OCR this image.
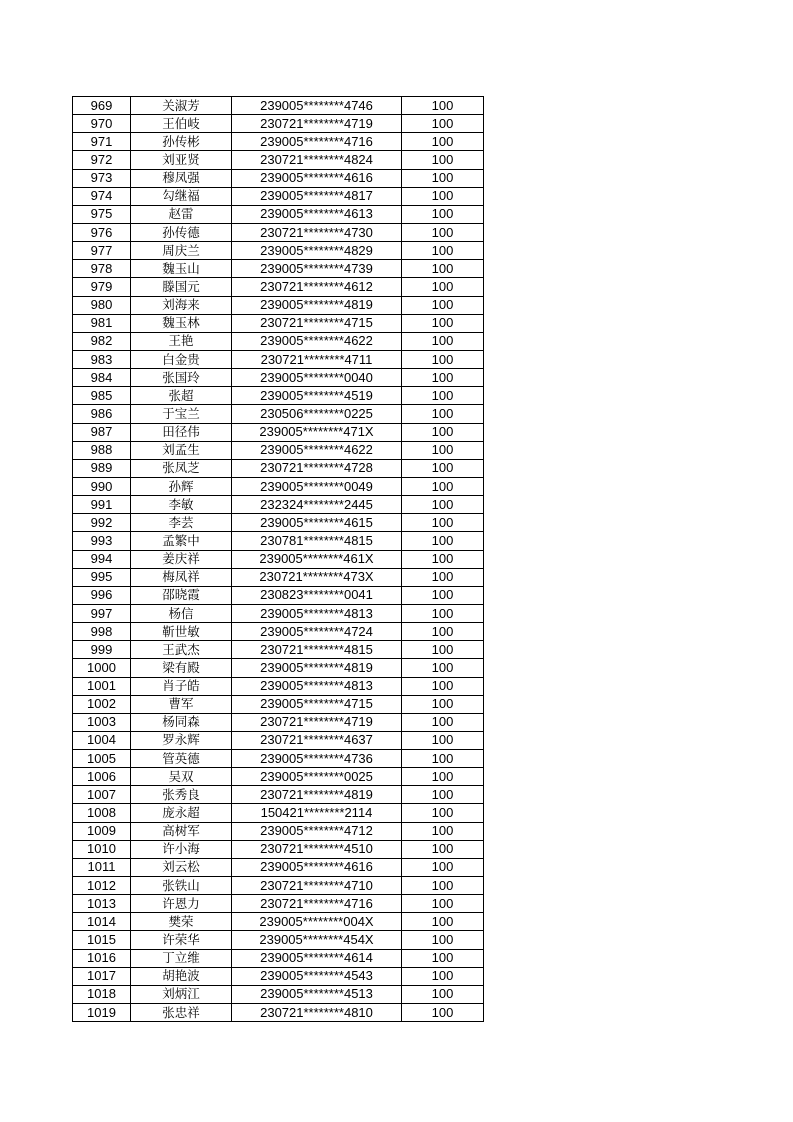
969	关淑芳	239005********4746	100
970	王伯岐	230721********4719	100
971	孙传彬	239005********4716	100
972	刘亚贤	230721********4824	100
973	穆凤强	239005********4616	100
974	勾继福	239005********4817	100
975	赵雷	239005********4613	100
976	孙传德	230721********4730	100
977	周庆兰	239005********4829	100
978	魏玉山	239005********4739	100
979	滕国元	230721********4612	100
980	刘海来	239005********4819	100
981	魏玉林	230721********4715	100
982	王艳	239005********4622	100
983	白金贵	230721********4711	100
984	张国玲	239005********0040	100
985	张超	239005********4519	100
986	于宝兰	230506********0225	100
987	田径伟	239005********471X	100
988	刘孟生	239005********4622	100
989	张凤芝	230721********4728	100
990	孙辉	239005********0049	100
991	李敏	232324********2445	100
992	李芸	239005********4615	100
993	孟繁中	230781********4815	100
994	姜庆祥	239005********461X	100
995	梅凤祥	230721********473X	100
996	邵晓霞	230823********0041	100
997	杨信	239005********4813	100
998	靳世敏	239005********4724	100
999	王武杰	230721********4815	100
1000	梁有殿	239005********4819	100
1001	肖子皓	239005********4813	100
1002	曹军	239005********4715	100
1003	杨同森	230721********4719	100
1004	罗永辉	230721********4637	100
1005	管英德	239005********4736	100
1006	吴双	239005********0025	100
1007	张秀良	230721********4819	100
1008	庞永超	150421********2114	100
1009	高树军	239005********4712	100
1010	许小海	230721********4510	100
1011	刘云松	239005********4616	100
1012	张铁山	230721********4710	100
1013	许恩力	230721********4716	100
1014	樊荣	239005********004X	100
1015	许荣华	239005********454X	100
1016	丁立维	239005********4614	100
1017	胡艳波	239005********4543	100
1018	刘炳江	239005********4513	100
1019	张忠祥	230721********4810	100
